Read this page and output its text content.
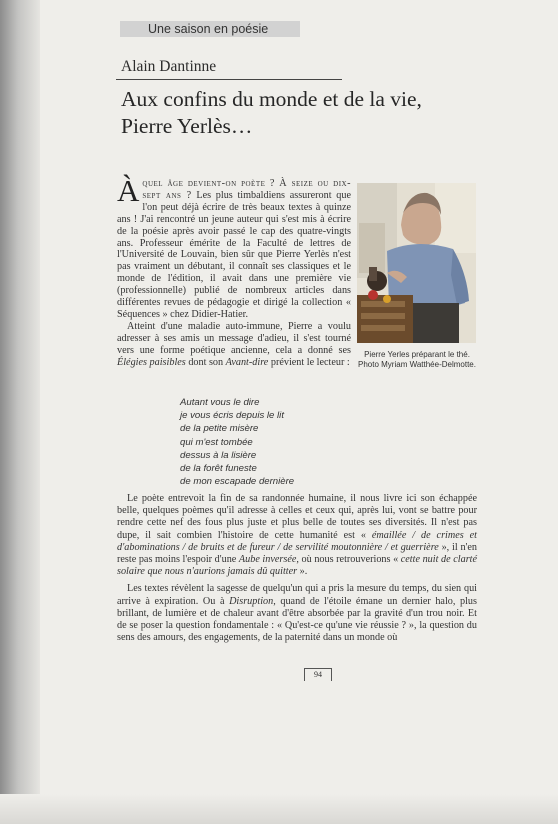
Une saison en poésie
Alain Dantinne
Aux confins du monde et de la vie,
Pierre Yerlès…

Àquel âge devient-on poète ? À seize ou dix-sept ans ? Les plus timbaldiens assureront que l'on peut déjà écrire de très beaux textes à quinze ans ! J'ai rencontré un jeune auteur qui s'est mis à écrire de la poésie après avoir passé le cap des quatre-vingts ans. Professeur émérite de la Faculté de lettres de l'Université de Louvain, bien sûr que Pierre Yerlès n'est pas vraiment un débutant, il connaît ses classiques et le monde de l'édition, il avait dans une première vie (professionnelle) publié de nombreux articles dans différentes revues de pédagogie et dirigé la collection « Séquences » chez Didier-Hatier.

Atteint d'une maladie auto-immune, Pierre a voulu adresser à ses amis un message d'adieu, il s'est tourné vers une forme poétique ancienne, cela a donné ses Élégies paisibles dont son Avant-dire prévient le lecteur :

Pierre Yerles préparant le thé. Photo Myriam Watthée-Delmotte.
Autant vous le dire
je vous écris depuis le lit
de la petite misère
qui m'est tombée
dessus à la lisière
de la forêt funeste
de mon escapade dernière

Le poète entrevoit la fin de sa randonnée humaine, il nous livre ici son échappée belle, quelques poèmes qu'il adresse à celles et ceux qui, après lui, vont se battre pour rendre cette nef des fous plus juste et plus belle de toutes ses diversités. Il n'est pas dupe, il sait combien l'histoire de cette humanité est « émaillée / de crimes et d'abominations / de bruits et de fureur / de servilité moutonnière / et guerrière », il n'en reste pas moins l'espoir d'une Aube inversée, où nous retrouverions « cette nuit de clarté solaire que nous n'aurions jamais dû quitter ».

Les textes révèlent la sagesse de quelqu'un qui a pris la mesure du temps, du sien qui arrive à expiration. Ou à Disruption, quand de l'étoile émane un dernier halo, plus brillant, de lumière et de chaleur avant d'être absorbée par la gravité d'un trou noir. Et de se poser la question fondamentale : « Qu'est-ce qu'une vie réussie ? », la question du sens des amours, des engagements, de la paternité dans un monde où

94
